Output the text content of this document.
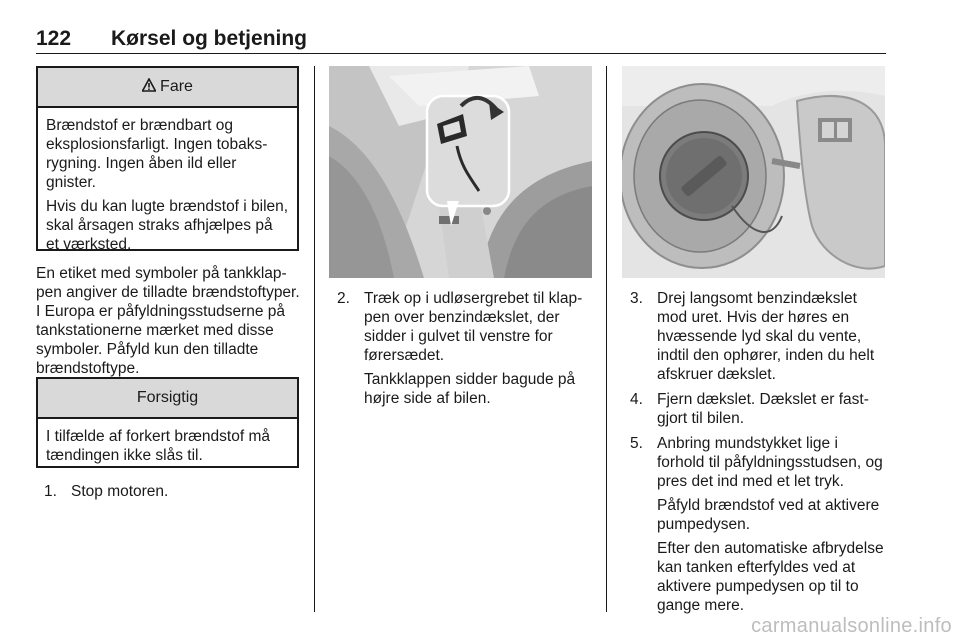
122 Kørsel og betjening
Fare

Brændstof er brændbart og eksplosionsfarligt. Ingen tobaksrygning. Ingen åben ild eller gnister.

Hvis du kan lugte brændstof i bilen, skal årsagen straks afhjælpes på et værksted.

En etiket med symboler på tankklappen angiver de tilladte brændstoftyper. I Europa er påfyldningsstudserne på tankstationerne mærket med disse symboler. Påfyld kun den tilladte brændstoftype.

Forsigtig

I tilfælde af forkert brændstof må tændingen ikke slås til.

1. Stop motoren.

2. Træk op i udløsergrebet til klappen over benzindækslet, der sidder i gulvet til venstre for førersædet.

Tankklappen sidder bagude på højre side af bilen.

3. Drej langsomt benzindækslet mod uret. Hvis der høres en hvæssende lyd skal du vente, indtil den ophører, inden du helt afskruer dækslet.

4. Fjern dækslet. Dækslet er fastgjort til bilen.

5. Anbring mundstykket lige i forhold til påfyldningsstudsen, og pres det ind med et let tryk.

Påfyld brændstof ved at aktivere pumpedysen.

Efter den automatiske afbrydelse kan tanken efterfyldes ved at aktivere pumpedysen op til to gange mere.

carmanualsonline.info
